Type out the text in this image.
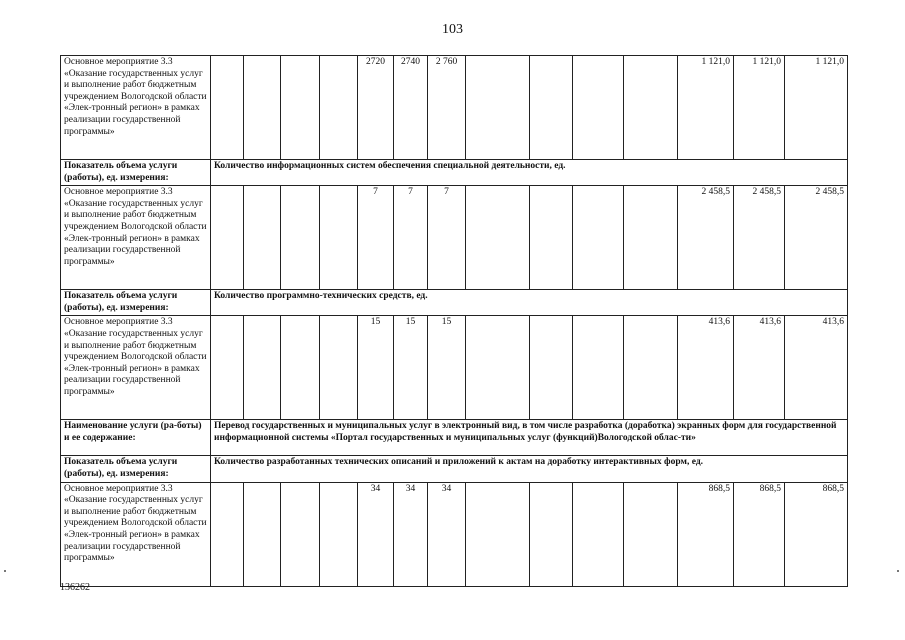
103
Основное мероприятие 3.3 «Оказание государственных услуг и выполнение работ бюджетным учреждением Вологодской области «Элек-тронный регион» в рамках реализации государственной программы»					2720	2740	2 760					1 121,0	1 121,0	1 121,0
Показатель объема услуги (работы), ед. измерения:	Количество информационных систем обеспечения специальной деятельности, ед.													
Основное мероприятие 3.3 «Оказание государственных услуг и выполнение работ бюджетным учреждением Вологодской области «Элек-тронный регион» в рамках реализации государственной программы»					7	7	7					2 458,5	2 458,5	2 458,5
Показатель объема услуги (работы), ед. измерения:	Количество программно-технических средств, ед.													
Основное мероприятие 3.3 «Оказание государственных услуг и выполнение работ бюджетным учреждением Вологодской области «Элек-тронный регион» в рамках реализации государственной программы»					15	15	15					413,6	413,6	413,6
Наименование услуги (ра-боты) и ее содержание:	Перевод государственных и муниципальных услуг в электронный вид, в том числе разработка (доработка) экранных форм для государственной информационной системы «Портал государственных и муниципальных услуг (функций)Вологодской облас-ти»													
Показатель объема услуги (работы), ед. измерения:	Количество разработанных технических описаний и приложений к актам на доработку интерактивных форм, ед.													
Основное мероприятие 3.3 «Оказание государственных услуг и выполнение работ бюджетным учреждением Вологодской области «Элек-тронный регион» в рамках реализации государственной программы»					34	34	34					868,5	868,5	868,5
136262
